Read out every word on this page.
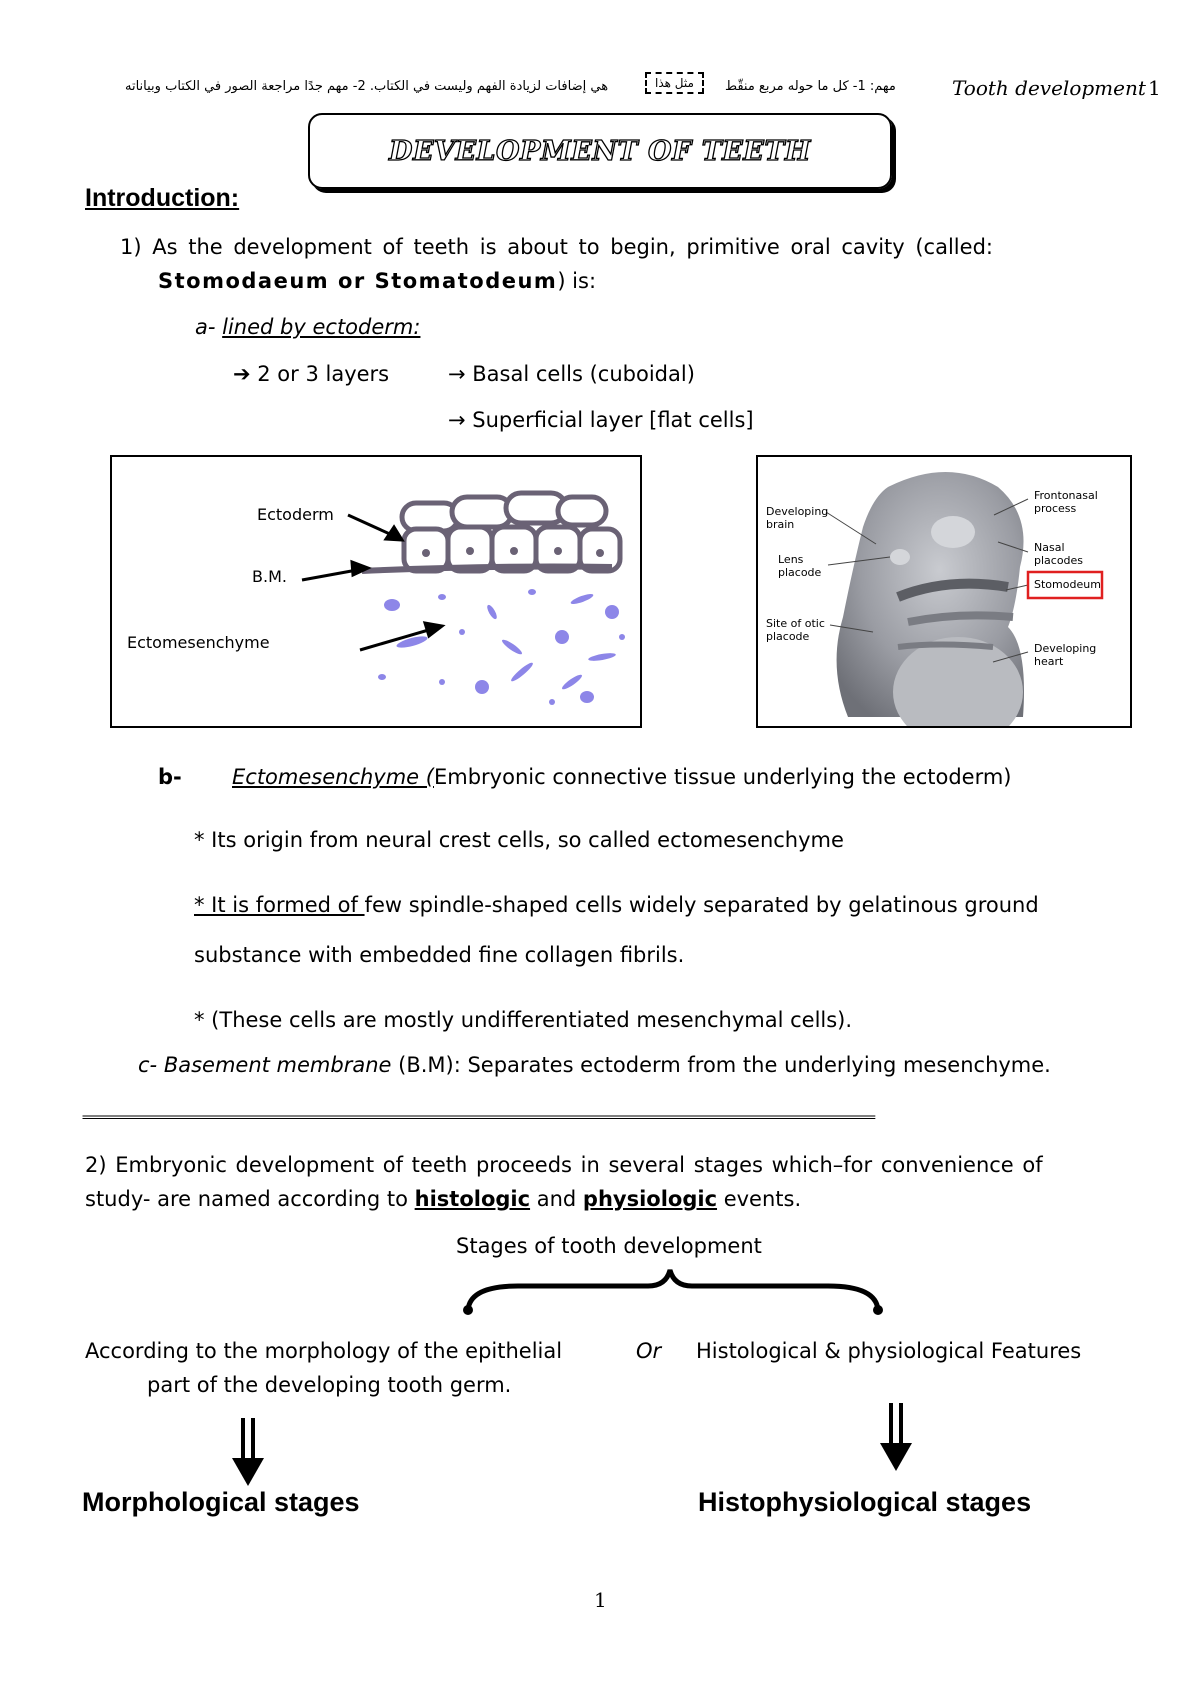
هي إضافات لزيادة الفهم وليست في الكتاب. 2- مهم جدًا مراجعة الصور في الكتاب وبياناته	مثل هذا	مهم: 1- كل ما حوله مربع منقّط	Tooth development 1
DEVELOPMENT OF TEETH
Introduction:
1) As the development of teeth is about to begin, primitive oral cavity (called:
Stomodaeum or Stomatodeum) is:
a- lined by ectoderm:
➔ 2 or 3 layers	→ Basal cells (cuboidal)
→ Superficial layer [flat cells]
Ectoderm
B.M.
Ectomesenchyme
Developing brain
Lens placode
Site of otic placode
Frontonasal process
Nasal placodes
Stomodeum
Developing heart
b- Ectomesenchyme (Embryonic connective tissue underlying the ectoderm)
* Its origin from neural crest cells, so called ectomesenchyme
* It is formed of few spindle-shaped cells widely separated by gelatinous ground
substance with embedded fine collagen fibrils.
* (These cells are mostly undifferentiated mesenchymal cells).
c- Basement membrane (B.M): Separates ectoderm from the underlying mesenchyme.
==================================================================================================================================================
2) Embryonic development of teeth proceeds in several stages which–for convenience of
study- are named according to histologic and physiologic events.
Stages of tooth development
According to the morphology of the epithelial
part of the developing tooth germ.
Or Histological & physiological Features
Morphological stages	Histophysiological stages
1
